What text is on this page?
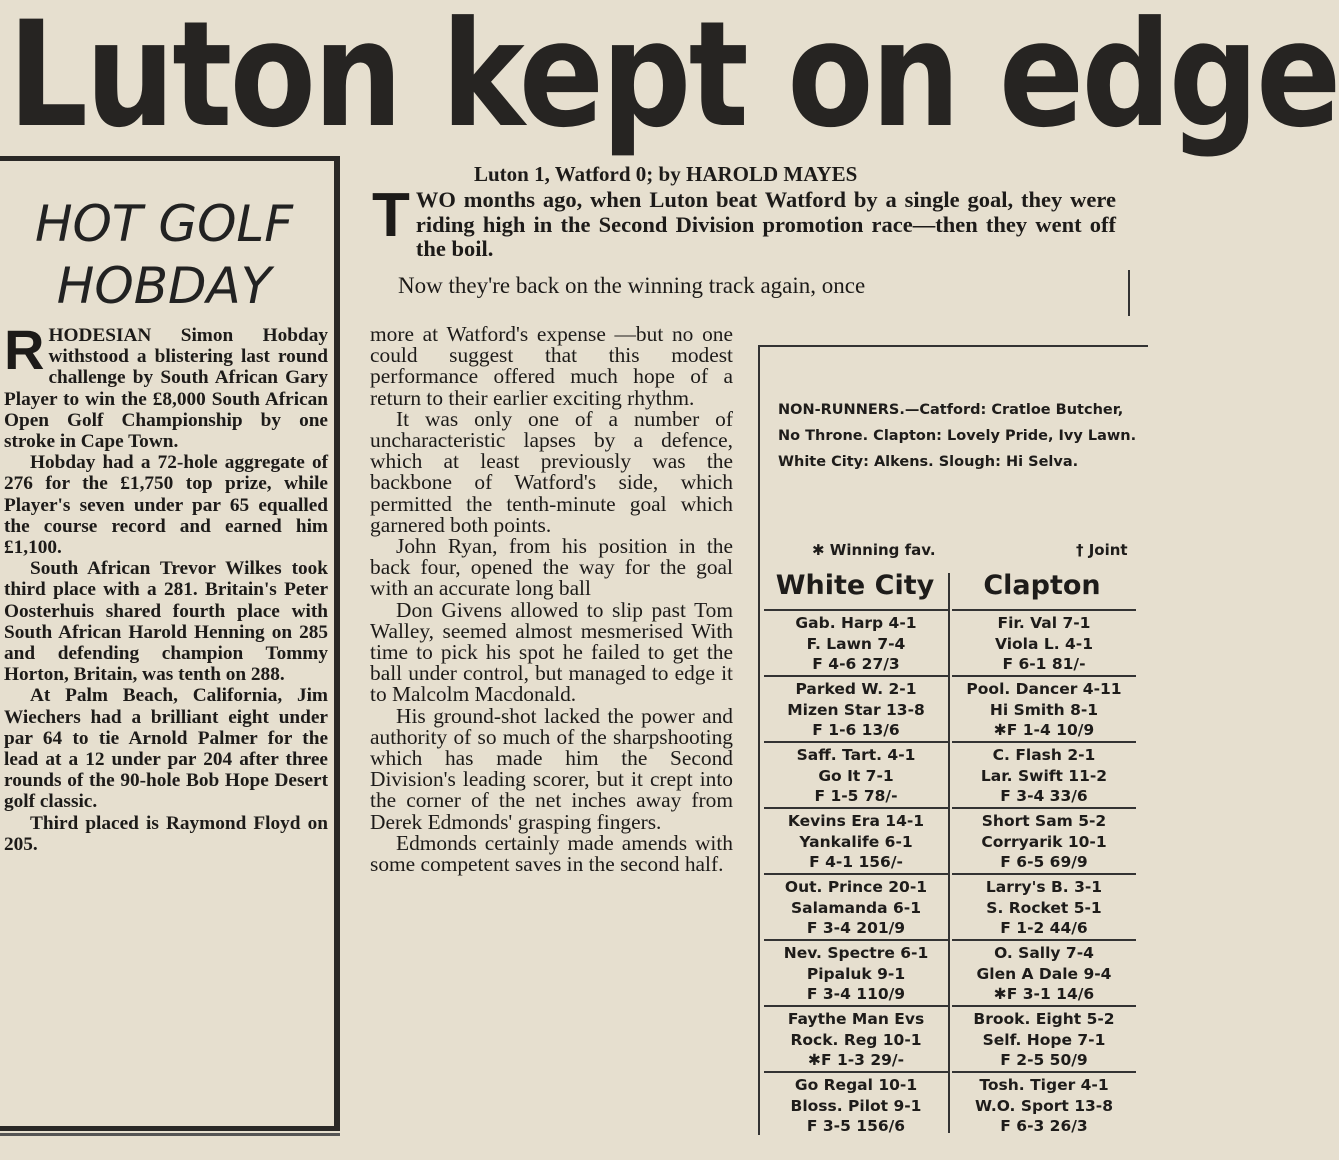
Luton kept on edge
HOT GOLF
HOBDAY

RHODESIAN Simon Hobday withstood a blistering last round challenge by South African Gary Player to win the £8,000 South African Open Golf Championship by one stroke in Cape Town.

Hobday had a 72-hole aggregate of 276 for the £1,750 top prize, while Player's seven under par 65 equalled the course record and earned him £1,100.

South African Trevor Wilkes took third place with a 281. Britain's Peter Oosterhuis shared fourth place with South African Harold Henning on 285 and defending champion Tommy Horton, Britain, was tenth on 288.

At Palm Beach, California, Jim Wiechers had a brilliant eight under par 64 to tie Arnold Palmer for the lead at a 12 under par 204 after three rounds of the 90-hole Bob Hope Desert golf classic.

Third placed is Raymond Floyd on 205.

Luton 1, Watford 0; by HAROLD MAYES
TWO months ago, when Luton beat Watford by a single goal, they were riding high in the Second Division promotion race—then they went off the boil.
Now they're back on the winning track again, once

more at Watford's expense —but no one could suggest that this modest performance offered much hope of a return to their earlier exciting rhythm.

It was only one of a number of uncharacteristic lapses by a defence, which at least previously was the backbone of Watford's side, which permitted the tenth-minute goal which garnered both points.

John Ryan, from his position in the back four, opened the way for the goal with an accurate long ball

Don Givens allowed to slip past Tom Walley, seemed almost mesmerised With time to pick his spot he failed to get the ball under control, but managed to edge it to Malcolm Macdonald.

His ground-shot lacked the power and authority of so much of the sharpshooting which has made him the Second Division's leading scorer, but it crept into the corner of the net inches away from Derek Edmonds' grasping fingers.

Edmonds certainly made amends with some competent saves in the second half.

NON-RUNNERS.—Catford: Cratloe Butcher, No Throne. Clapton: Lovely Pride, Ivy Lawn. White City: Alkens. Slough: Hi Selva.
✱ Winning fav.	† Joint
White City	Clapton
Gab. Harp 4-1
F. Lawn 7-4
F 4-6 27/3
Parked W. 2-1
Mizen Star 13-8
F 1-6 13/6
Saff. Tart. 4-1
Go It 7-1
F 1-5 78/-
Kevins Era 14-1
Yankalife 6-1
F 4-1 156/-
Out. Prince 20-1
Salamanda 6-1
F 3-4 201/9
Nev. Spectre 6-1
Pipaluk 9-1
F 3-4 110/9
Faythe Man Evs
Rock. Reg 10-1
✱F 1-3 29/-
Go Regal 10-1
Bloss. Pilot 9-1
F 3-5 156/6
Fir. Val 7-1
Viola L. 4-1
F 6-1 81/-
Pool. Dancer 4-11
Hi Smith 8-1
✱F 1-4 10/9
C. Flash 2-1
Lar. Swift 11-2
F 3-4 33/6
Short Sam 5-2
Corryarik 10-1
F 6-5 69/9
Larry's B. 3-1
S. Rocket 5-1
F 1-2 44/6
O. Sally 7-4
Glen A Dale 9-4
✱F 3-1 14/6
Brook. Eight 5-2
Self. Hope 7-1
F 2-5 50/9
Tosh. Tiger 4-1
W.O. Sport 13-8
F 6-3 26/3
